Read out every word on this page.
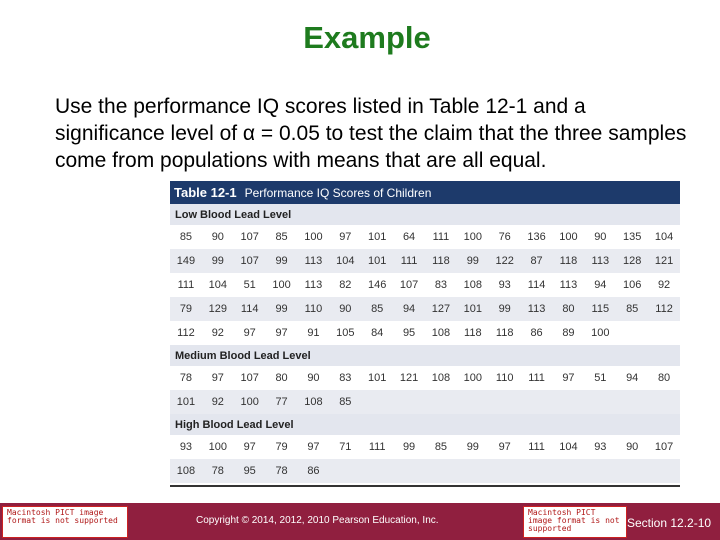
Example
Use the performance IQ scores listed in Table 12-1 and a significance level of α = 0.05 to test the claim that the three samples come from populations with means that are all equal.
Table 12-1 Performance IQ Scores of Children
Low Blood Lead Level
85	90	107	85	100	97	101	64	111	100	76	136	100	90	135	104
149	99	107	99	113	104	101	111	118	99	122	87	118	113	128	121
111	104	51	100	113	82	146	107	83	108	93	114	113	94	106	92
79	129	114	99	110	90	85	94	127	101	99	113	80	115	85	112
112	92	97	97	91	105	84	95	108	118	118	86	89	100
Medium Blood Lead Level
78	97	107	80	90	83	101	121	108	100	110	111	97	51	94	80
101	92	100	77	108	85
High Blood Lead Level
93	100	97	79	97	71	111	99	85	99	97	111	104	93	90	107
108	78	95	78	86
Macintosh PICT image format is not supported	Copyright © 2014, 2012, 2010 Pearson Education, Inc.
Macintosh PICT image format is not supported	Section 12.2-10
